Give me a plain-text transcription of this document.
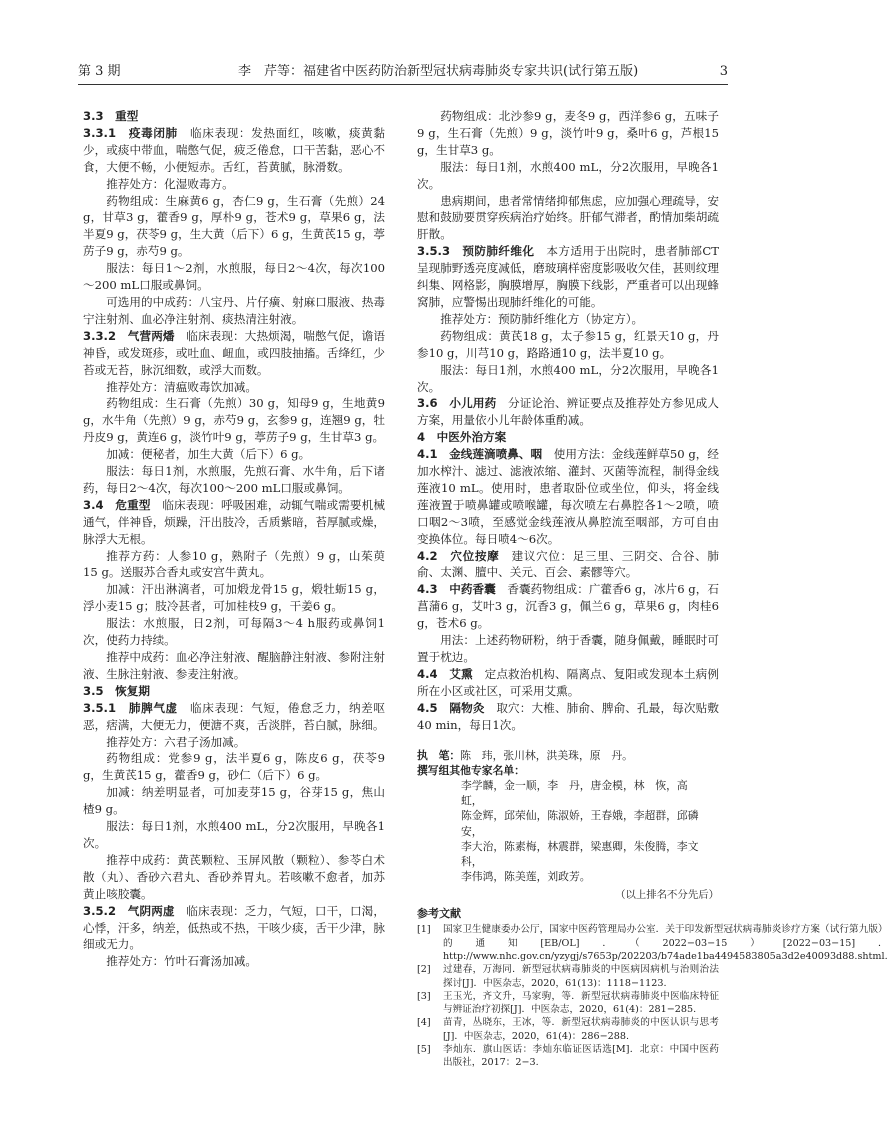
第 3 期	李　芹等：福建省中医药防治新型冠状病毒肺炎专家共识(试行第五版)	3

3.3　重型

3.3.1　疫毒闭肺　 临床表现：发热面红，咳嗽，痰黄黏少，或痰中带血，喘憋气促，疲乏倦怠，口干苦黏，恶心不食，大便不畅，小便短赤。舌红，苔黄腻，脉滑数。

推荐处方：化湿败毒方。

药物组成：生麻黄6 g，杏仁9 g，生石膏（先煎）24 g，甘草3 g，藿香9 g，厚朴9 g，苍术9 g，草果6 g，法半夏9 g，茯苓9 g，生大黄（后下）6 g，生黄芪15 g，葶苈子9 g，赤芍9 g。

服法：每日1～2剂，水煎服，每日2～4次，每次100～200 mL口服或鼻饲。

可选用的中成药：八宝丹、片仔癀、射麻口服液、热毒宁注射剂、血必净注射剂、痰热清注射液。

3.3.2　气营两燔　 临床表现：大热烦渴，喘憋气促，谵语神昏，或发斑疹，或吐血、衄血，或四肢抽搐。舌绛红，少苔或无苔，脉沉细数，或浮大而数。

推荐处方：清瘟败毒饮加减。

药物组成：生石膏（先煎）30 g，知母9 g，生地黄9 g，水牛角（先煎）9 g，赤芍9 g，玄参9 g，连翘9 g，牡丹皮9 g，黄连6 g，淡竹叶9 g，葶苈子9 g，生甘草3 g。

加减：便秘者，加生大黄（后下）6 g。

服法：每日1剂，水煎服，先煎石膏、水牛角，后下诸药，每日2～4次，每次100～200 mL口服或鼻饲。

3.4　危重型　 临床表现：呼吸困难，动辄气喘或需要机械通气，伴神昏，烦躁，汗出肢冷，舌质紫暗，苔厚腻或燥，脉浮大无根。

推荐方药：人参10 g，熟附子（先煎）9 g，山茱萸15 g。送服苏合香丸或安宫牛黄丸。

加减：汗出淋漓者，可加煅龙骨15 g，煅牡蛎15 g，浮小麦15 g；肢冷甚者，可加桂枝9 g，干姜6 g。

服法：水煎服，日2剂，可每隔3～4 h服药或鼻饲1次，使药力持续。

推荐中成药：血必净注射液、醒脑静注射液、参附注射液、生脉注射液、参麦注射液。

3.5　恢复期

3.5.1　肺脾气虚　 临床表现：气短，倦怠乏力，纳差呕恶，痞满，大便无力，便溏不爽，舌淡胖，苔白腻，脉细。

推荐处方：六君子汤加减。

药物组成：党参9 g，法半夏6 g，陈皮6 g，茯苓9 g，生黄芪15 g，藿香9 g，砂仁（后下）6 g。

加减：纳差明显者，可加麦芽15 g，谷芽15 g，焦山楂9 g。

服法：每日1剂，水煎400 mL，分2次服用，早晚各1次。

推荐中成药：黄芪颗粒、玉屏风散（颗粒）、参苓白术散（丸）、香砂六君丸、香砂养胃丸。若咳嗽不愈者，加苏黄止咳胶囊。

3.5.2　气阴两虚　 临床表现：乏力，气短，口干，口渴，心悸，汗多，纳差，低热或不热，干咳少痰，舌干少津，脉细或无力。

推荐处方：竹叶石膏汤加减。

药物组成：北沙参9 g，麦冬9 g，西洋参6 g，五味子9 g，生石膏（先煎）9 g，淡竹叶9 g，桑叶6 g，芦根15 g，生甘草3 g。

服法：每日1剂，水煎400 mL，分2次服用，早晚各1次。

患病期间，患者常情绪抑郁焦虑，应加强心理疏导，安慰和鼓励要贯穿疾病治疗始终。肝郁气滞者，酌情加柴胡疏肝散。

3.5.3　预防肺纤维化　 本方适用于出院时，患者肺部CT呈现肺野透亮度减低，磨玻璃样密度影吸收欠佳，甚则纹理纠集、网格影，胸膜增厚，胸膜下线影，严重者可以出现蜂窝肺，应警惕出现肺纤维化的可能。

推荐处方：预防肺纤维化方（协定方）。

药物组成：黄芪18 g，太子参15 g，红景天10 g，丹参10 g，川芎10 g，路路通10 g，法半夏10 g。

服法：每日1剂，水煎400 mL，分2次服用，早晚各1次。

3.6　小儿用药　 分证论治、辨证要点及推荐处方参见成人方案，用量依小儿年龄体重酌减。

4　中医外治方案

4.1　金线莲滴喷鼻、咽　 使用方法：金线莲鲜草50 g，经加水榨汁、滤过、滤液浓缩、灌封、灭菌等流程，制得金线莲液10 mL。使用时，患者取卧位或坐位，仰头，将金线莲液置于喷鼻罐或喷喉罐，每次喷左右鼻腔各1～2喷，喷口咽2～3喷，至感觉金线莲液从鼻腔流至咽部，方可自由变换体位。每日喷4～6次。

4.2　穴位按摩　 建议穴位：足三里、三阴交、合谷、肺俞、太渊、膻中、关元、百会、素髎等穴。

4.3　中药香囊　 香囊药物组成：广藿香6 g，冰片6 g，石菖蒲6 g，艾叶3 g，沉香3 g，佩兰6 g，草果6 g，肉桂6 g，苍术6 g。

用法：上述药物研粉，纳于香囊，随身佩戴，睡眠时可置于枕边。

4.4　艾熏　 定点救治机构、隔离点、复阳或发现本土病例所在小区或社区，可采用艾熏。

4.5　隔物灸　 取穴：大椎、肺俞、脾俞、孔最，每次贴敷40 min，每日1次。

执　笔：陈　玮，张川林，洪美珠，原　丹。

撰写组其他专家名单：

李学麟，金一顺，李　丹，唐金模，林　恢，高　虹，

陈金辉，邱荣仙，陈淑娇，王春娥，李超群，邱磷安，

李大治，陈素梅，林震群，梁惠卿，朱俊腾，李文科，

李伟鸿，陈美莲，刘政芳。

（以上排名不分先后）

参考文献
[1]	国家卫生健康委办公厅，国家中医药管理局办公室．关于印发新型冠状病毒肺炎诊疗方案（试行第九版）的通知[EB/OL]．（2022−03−15）[2022−03−15]．http://www.nhc.gov.cn/yzygj/s7653p/202203/b74ade1ba4494583805a3d2e40093d88.shtml.
[2]	过建春，万海同．新型冠状病毒肺炎的中医病因病机与治则治法探讨[J]．中医杂志，2020，61(13)：1118−1123.
[3]	王玉光，齐文升，马家驹，等．新型冠状病毒肺炎中医临床特征与辨证治疗初探[J]．中医杂志，2020，61(4)：281−285.
[4]	苗青，丛晓东，王冰，等．新型冠状病毒肺炎的中医认识与思考[J]．中医杂志，2020，61(4)：286−288.
[5]	李灿东．旗山医话：李灿东临证医话选[M]．北京：中国中医药出版社，2017：2−3.
